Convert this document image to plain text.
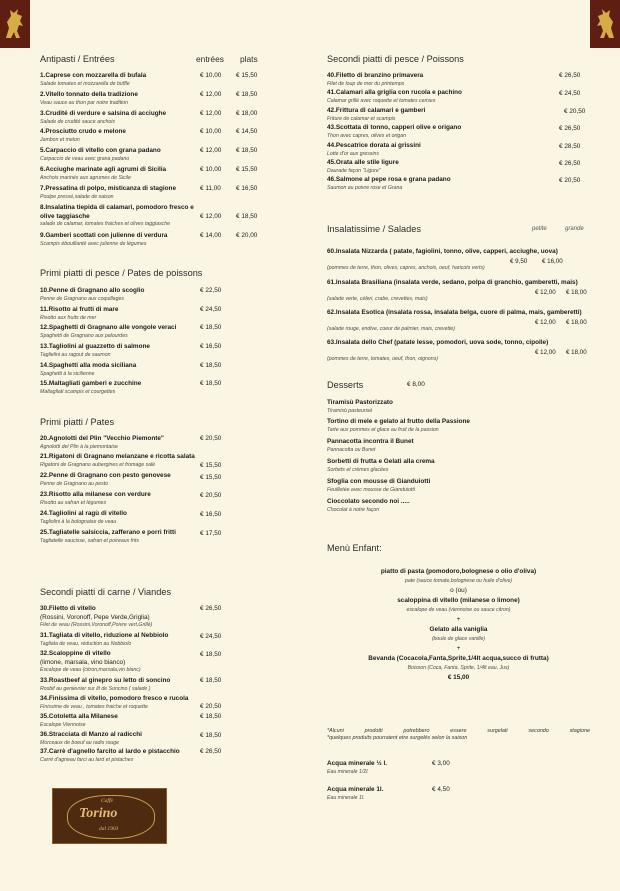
Antipasti / Entrées	entrées plats
1.Caprese con mozzarella di bufala
Salade tomates et mozzarella de buffle
€ 10,00 € 15,50
2.Vitello tonnato della tradizione
Veau sauce au thon par notre tradition
€ 12,00 € 18,50
3.Crudité di verdure e salsina di acciughe
Salade de crudité sauce anchois
€ 12,00 € 18,00
4.Prosciutto crudo e melone
Jambon et melon
€ 10,00 € 14,50
5.Carpaccio di vitello con grana padano
Carpaccio de veau avec grana padano
€ 12,00 € 18,50
6.Acciughe marinate agli agrumi di Sicilia
Anchois marinés aux agrumes de Sicile
€ 10,00 € 15,50
7.Pressatina di polpo, misticanza di stagione
Poulpe pressé,salade de saison
€ 11,00 € 16,50
8.Insalatina tiepida di calamari, pomodoro fresco e
olive taggiasche
salade de calamar, tomates fraiches et olives taggiasche
€ 12,00 € 18,50
9.Gamberi scottati con julienne di verdura
Scampis ébouillanté avec julienne de légumes
€ 14,00 € 20,00
Primi piatti di pesce / Pates de poissons
10.Penne di Gragnano allo scoglio
Penne de Gragnano aux coquillages
€ 22,50
11.Risotto ai frutti di mare
Risotto aux fruits de mer
€ 24,50
12.Spaghetti di Gragnano alle vongole veraci
Spaghetti de Gragnano aux palourdes
€ 18,50
13.Tagliolini al guazzetto di salmone
Taglielini au ragout de saumon
€ 16,50
14.Spaghetti alla moda siciliana
Spaghetti à la sicilienne
€ 18,50
15.Maltagliati gamberi e zucchine
Maltagliati scampis et courgettes
€ 18,50
Primi piatti / Pates
20.Agnolotti del Plin "Vecchio Piemonte"
Agnolotti del Plin à la piemontaise
€ 20,50
21.Rigatoni di Gragnano melanzane e ricotta salata
Rigatoni de Gragnano aubergines et fromage salé	€ 15,50
22.Penne di Gragnano con pesto genovese
Penne de Gragnano au pesto
€ 15,50
23.Risotto alla milanese con verdure
Risotto au safran et légumes
€ 20,50
24.Tagliolini al ragù di vitello
Tagliolini à la bolognaise de veau
€ 16,50
25.Tagliatelle salsiccia, zafferano e porri fritti
Tagliatelle saucisse, safran et poireaux frits
€ 17,50
Secondi piatti di carne / Viandes
30.Filetto di vitello
(Rossini, Voronoff, Pepe Verde,Griglia)
Filet de veau (Rossini,Voronoff,Poivre vert,Grillé)
€ 26,50
31.Tagliata di vitello, riduzione al Nebbiolo
Tagliata de veau, réduction au Nebbiolo
€ 24,50
32.Scaloppine di vitello
(limone, marsala, vino bianco)
Escalope de veau (citron,marsala,vin blanc)
€ 18,50
33.Roastbeef al ginepro su letto di soncino
Rosbif au genievrier sur lit de Soncino ( salade )
€ 18,50
34.Finissima di vitello, pomodoro fresco e rucola
Finissime de veau , tomates fraiche et roquette	€ 20,50
35.Cotoletta alla Milanese
Escalope Viennoise
€ 18,50
36.Stracciata di Manzo al radicchi
Morceaux de boeuf au radis rouge
€ 18,50
37.Carrè d'agnello farcito al lardo e pistacchio
Carré d'agneau farci au lard et pistaches
€ 26,50
Caffè
Torino
dal 1903
Secondi piatti di pesce / Poissons
40.Filetto di branzino primavera
Filet de loup de mer du printemps
€ 26,50
41.Calamari alla griglia con rucola e pachino
Calamar grillé avec roquette et tomates cerises
€ 24,50
42.Frittura di calamari e gamberi
Friture de calamar et scampis
€ 20,50
43.Scottata di tonno, capperi olive e origano
Thon avec capres, olives et origan
€ 26,50
44.Pescatrice dorata ai grissini
Lotte d'or aux gressins
€ 28,50
45.Orata alle stile ligure
Daurade façon "Ligure"
€ 26,50
46.Salmone al pepe rosa e grana padano
Saumon au poivre rose et Grana
€ 20,50
Insalatissime / Salades	petite	grande
60.Insalata Nizzarda ( patate, fagiolini, tonno, olive, capperi, acciughe, uova)
€ 9,50 € 16,00
(pommes de terre, thon, olives, capres, anchois, oeuf, haricots verts)
61.Insalata Brasiliana (insalata verde, sedano, polpa di granchio, gamberetti, mais)
€ 12,00 € 18,00
(salade verte, céleri, crabe, crevettes, mais)
62.Insalata Esotica (insalata rossa, insalata belga, cuore di palma, mais, gamberetti)
€ 12,00 € 18,00
(salade rouge, endive, coeur de palmier, mais, crevette)
63.Insalata dello Chef (patate lesse, pomodori, uova sode, tonno, cipolle)
€ 12,00 € 18,00
(pommes de terre, tomates, oeuf, thon, oignons)
Desserts	€ 8,00
Tiramisù Pastorizzato
Tiramisù pasteurisé
Tortino di mele e gelato al frutto della Passione
Tarte aux pommes et glace au fruit de la passion
Pannacotta incontra il Bunet
Pannacotta ou Bunet
Sorbetti di frutta e Gelati alla crema
Sorbets et crèmes glacées
Sfoglia con mousse di Gianduiotti
Feuilletée avec mousse de Gianduiotti
Cioccolato secondo noi .....
Chocolat à notre façon
Menù Enfant:
piatto di pasta (pomodoro,bolognese o olio d'oliva)
pate (sauce tomate,bolognese ou huile d'olive)
o (ou)
scaloppina di vitello (milanese o limone)
escalope de veau (viennoise ou sauce citron)
+
Gelato alla vaniglia
(boule de glace vanille)
+
Bevanda (Cocacola,Fanta,Sprite,1/4lt acqua,succo di frutta)
Boisson (Coca, Fanta, Sprite, 1/4lt eau, Jus)
€ 15,00
*Alcuni prodotti potrebbero essere surgelati secondo stagione
*quelques produits pourraient etre surgelés selon la saison
Acqua minerale ½ l.
Eau minerale 1/2l.
€ 3,00
Acqua minerale 1l.
Eau minerale 1l.
€ 4,50
